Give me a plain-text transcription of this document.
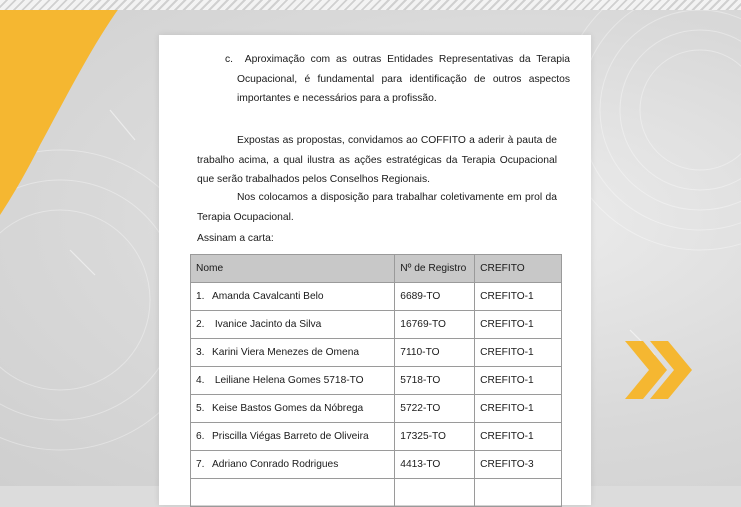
c. Aproximação com as outras Entidades Representativas da Terapia Ocupacional, é fundamental para identificação de outros aspectos importantes e necessários para a profissão.
Expostas as propostas, convidamos ao COFFITO a aderir à pauta de trabalho acima, a qual ilustra as ações estratégicas da Terapia Ocupacional que serão trabalhados pelos Conselhos Regionais.
Nos colocamos a disposição para trabalhar coletivamente em prol da Terapia Ocupacional.
Assinam a carta:
Nome	Nº de Registro	CREFITO
1. Amanda Cavalcanti Belo	6689-TO	CREFITO-1
2. Ivanice Jacinto da Silva	16769-TO	CREFITO-1
3. Karini Viera Menezes de Omena	7110-TO	CREFITO-1
4. Leiliane Helena Gomes 5718-TO	5718-TO	CREFITO-1
5. Keise Bastos Gomes da Nóbrega	5722-TO	CREFITO-1
6. Priscilla Viégas Barreto de Oliveira	17325-TO	CREFITO-1
7. Adriano Conrado Rodrigues	4413-TO	CREFITO-3
